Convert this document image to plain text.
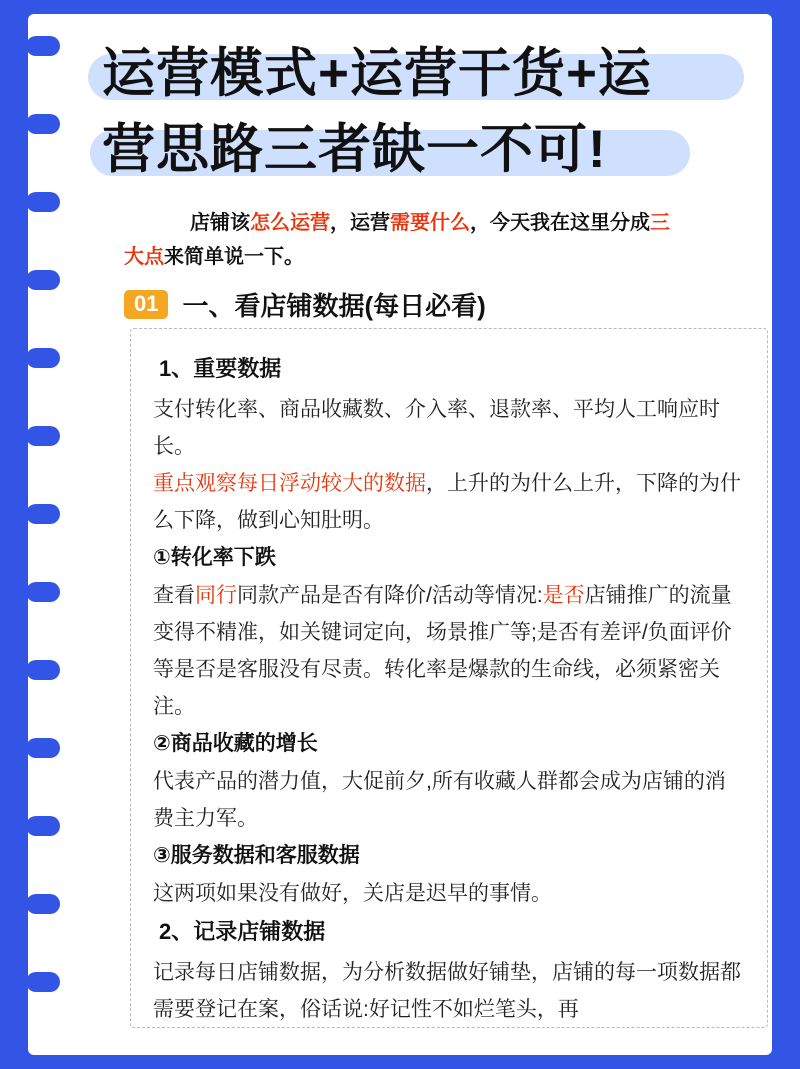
运营模式+运营干货+运
营思路三者缺一不可!
店铺该怎么运营，运营需要什么，今天我在这里分成三
大点来简单说一下。
01 一、看店铺数据(每日必看)
1、重要数据
支付转化率、商品收藏数、介入率、退款率、平均人工响应时长。
重点观察每日浮动较大的数据，上升的为什么上升，下降的为什么下降，做到心知肚明。
①转化率下跌
查看同行同款产品是否有降价/活动等情况:是否店铺推广的流量变得不精准，如关键词定向，场景推广等;是否有差评/负面评价等是否是客服没有尽责。转化率是爆款的生命线，必须紧密关注。
②商品收藏的增长
代表产品的潜力值，大促前夕,所有收藏人群都会成为店铺的消费主力军。
③服务数据和客服数据
这两项如果没有做好，关店是迟早的事情。
2、记录店铺数据
记录每日店铺数据，为分析数据做好铺垫，店铺的每一项数据都需要登记在案，俗话说:好记性不如烂笔头，再
